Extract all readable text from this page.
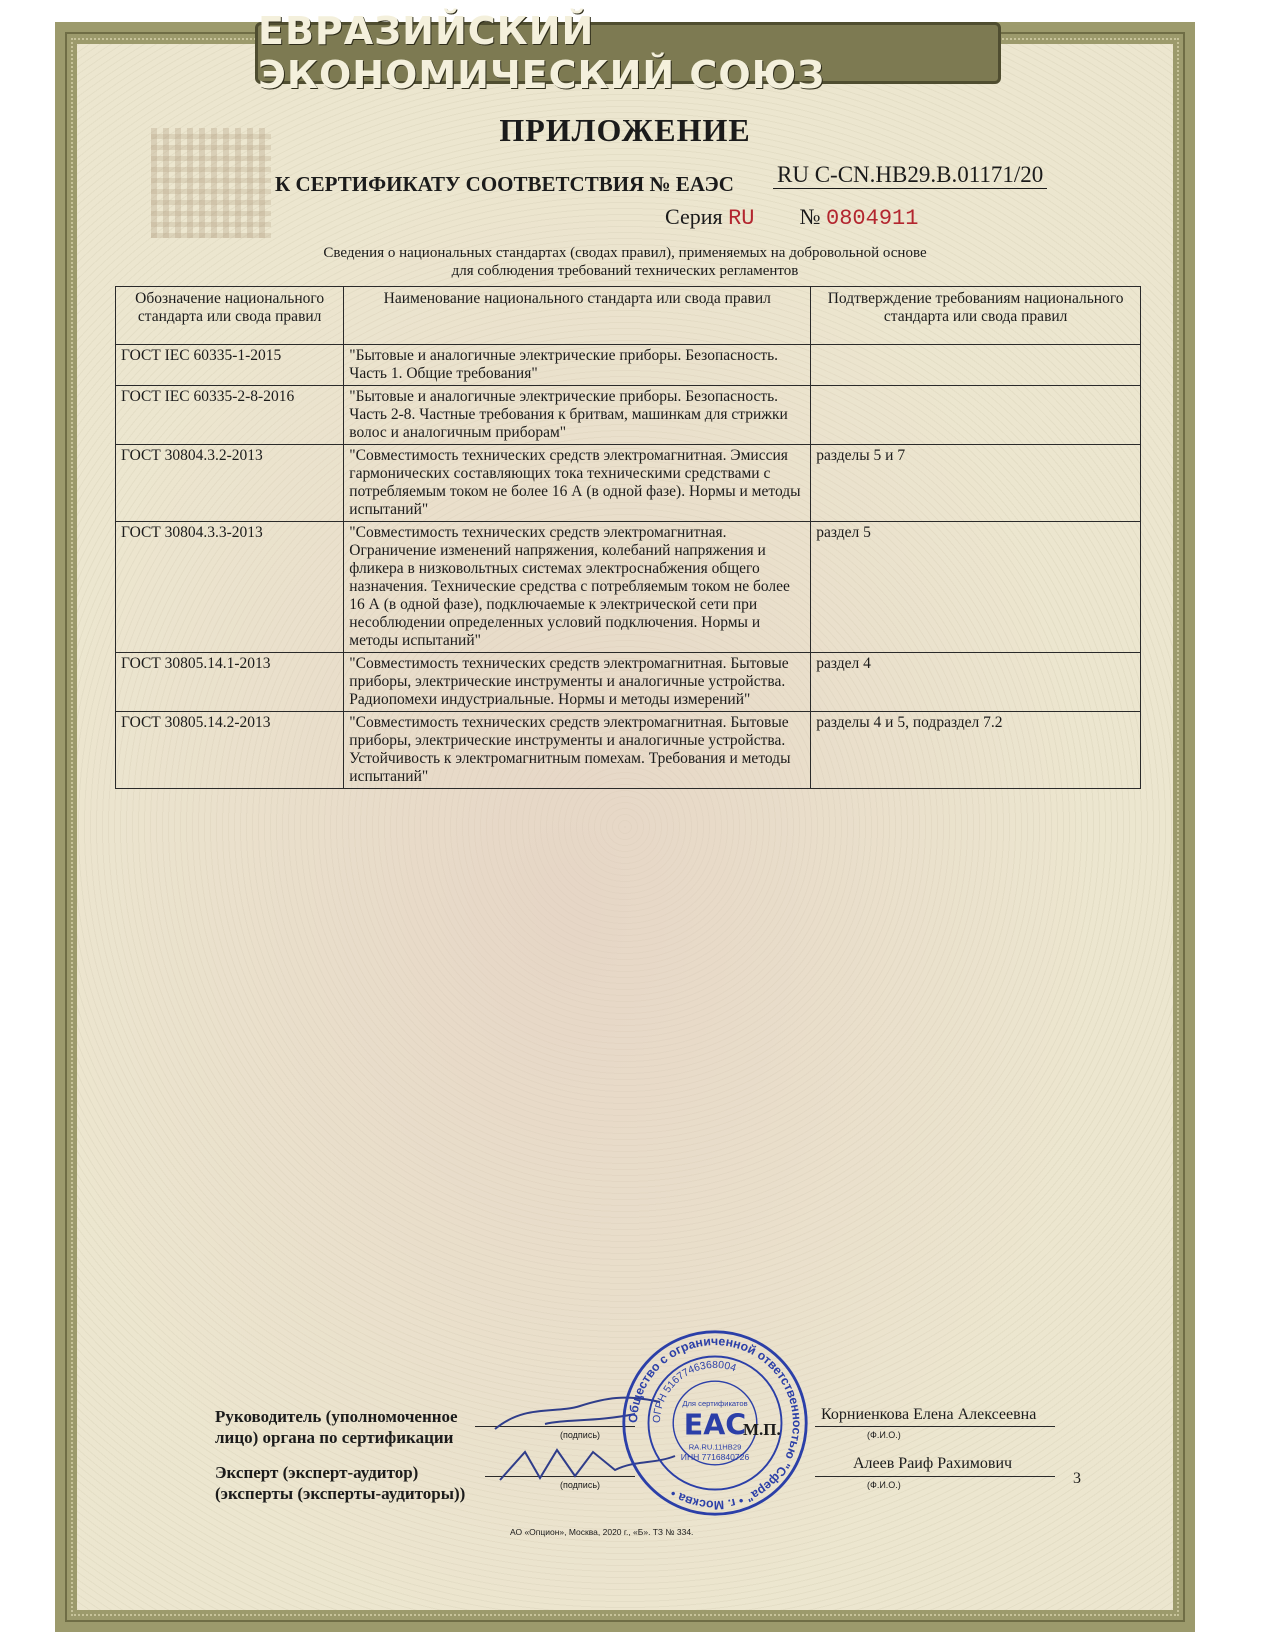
ЕВРАЗИЙСКИЙ ЭКОНОМИЧЕСКИЙ СОЮЗ
ПРИЛОЖЕНИЕ
К СЕРТИФИКАТУ СООТВЕТСТВИЯ № ЕАЭС RU C-CN.НВ29.В.01171/20
Серия RU № 0804911
Сведения о национальных стандартах (сводах правил), применяемых на добровольной основе
для соблюдения требований технических регламентов
Обозначение национального стандарта или свода правил	Наименование национального стандарта или свода правил	Подтверждение требованиям национального стандарта или свода правил
ГОСТ IEC 60335-1-2015	"Бытовые и аналогичные электрические приборы. Безопасность. Часть 1. Общие требования"	
ГОСТ IEC 60335-2-8-2016	"Бытовые и аналогичные электрические приборы. Безопасность. Часть 2-8. Частные требования к бритвам, машинкам для стрижки волос и аналогичным приборам"	
ГОСТ 30804.3.2-2013	"Совместимость технических средств электромагнитная. Эмиссия гармонических составляющих тока техническими средствами с потребляемым током не более 16 А (в одной фазе). Нормы и методы испытаний"	разделы 5 и 7
ГОСТ 30804.3.3-2013	"Совместимость технических средств электромагнитная. Ограничение изменений напряжения, колебаний напряжения и фликера в низковольтных системах электроснабжения общего назначения. Технические средства с потребляемым током не более 16 А (в одной фазе), подключаемые к электрической сети при несоблюдении определенных условий подключения. Нормы и методы испытаний"	раздел 5
ГОСТ 30805.14.1-2013	"Совместимость технических средств электромагнитная. Бытовые приборы, электрические инструменты и аналогичные устройства. Радиопомехи индустриальные. Нормы и методы измерений"	раздел 4
ГОСТ 30805.14.2-2013	"Совместимость технических средств электромагнитная. Бытовые приборы, электрические инструменты и аналогичные устройства. Устойчивость к электромагнитным помехам. Требования и методы испытаний"	разделы 4 и 5, подраздел 7.2
Руководитель (уполномоченное
лицо) органа по сертификации	(подпись)
Корниенкова Елена Алексеевна
(Ф.И.О.)
Эксперт (эксперт-аудитор)
(эксперты (эксперты-аудиторы))	(подпись)
Алеев Раиф Рахимович
(Ф.И.О.)
Общество с ограниченной ответственностью "Сфера" • г. Москва •
ОГРН 5167746368004
Для сертификатов
ЕАС
RA.RU.11НВ29
ИНН 7716840726
М.П.
3
АО «Опцион», Москва, 2020 г., «Б». ТЗ № 334.
